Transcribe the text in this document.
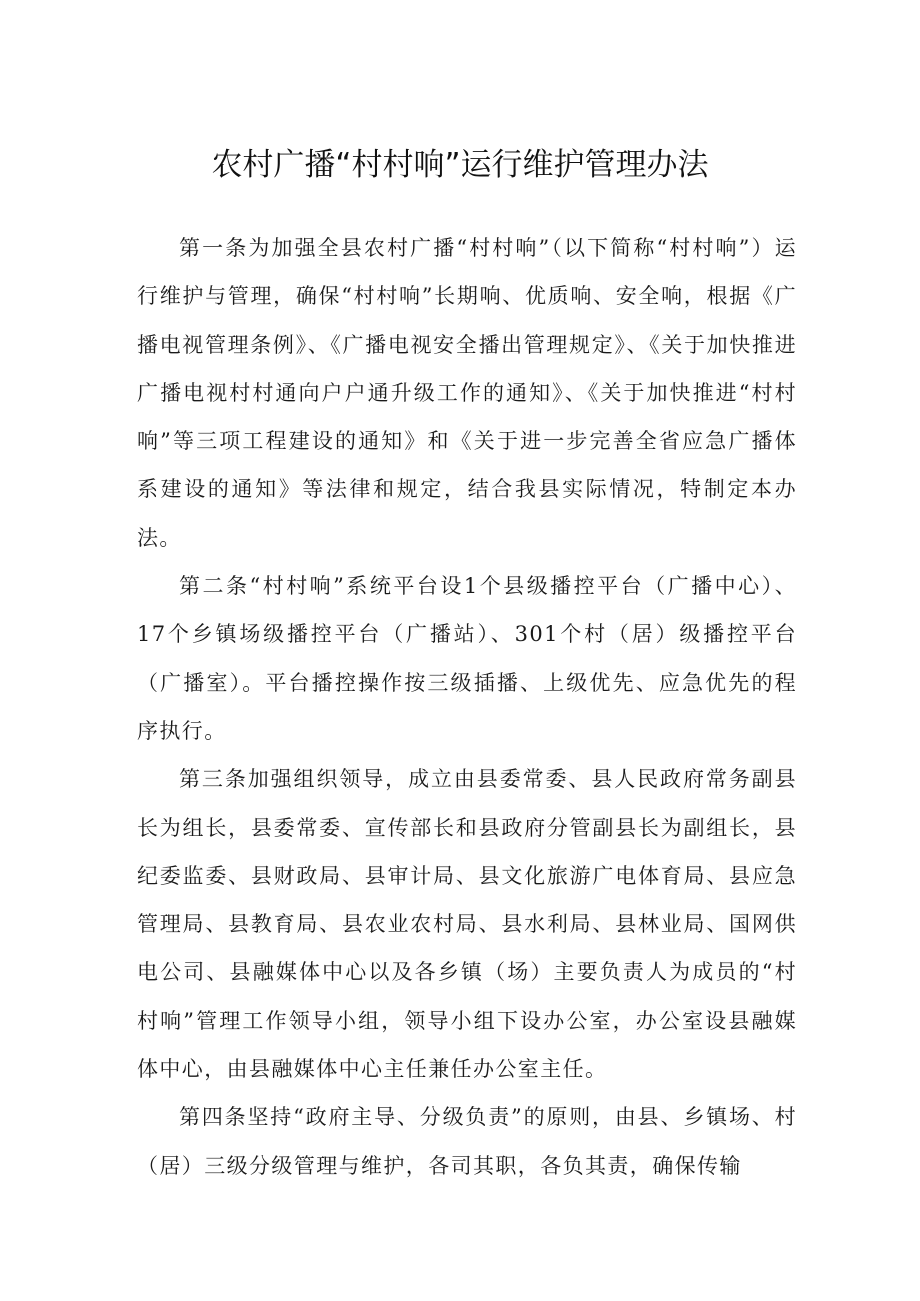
农村广播“村村响”运行维护管理办法

第一条为加强全县农村广播“村村响”（以下简称“村村响”）运行维护与管理，确保“村村响”长期响、优质响、安全响，根据《广播电视管理条例》、《广播电视安全播出管理规定》、《关于加快推进广播电视村村通向户户通升级工作的通知》、《关于加快推进“村村响”等三项工程建设的通知》和《关于进一步完善全省应急广播体系建设的通知》等法律和规定，结合我县实际情况，特制定本办法。

第二条“村村响”系统平台设1个县级播控平台（广播中心）、17个乡镇场级播控平台（广播站）、301个村（居）级播控平台（广播室）。平台播控操作按三级插播、上级优先、应急优先的程序执行。

第三条加强组织领导，成立由县委常委、县人民政府常务副县长为组长，县委常委、宣传部长和县政府分管副县长为副组长，县纪委监委、县财政局、县审计局、县文化旅游广电体育局、县应急管理局、县教育局、县农业农村局、县水利局、县林业局、国网供电公司、县融媒体中心以及各乡镇（场）主要负责人为成员的“村村响”管理工作领导小组，领导小组下设办公室，办公室设县融媒体中心，由县融媒体中心主任兼任办公室主任。

第四条坚持“政府主导、分级负责”的原则，由县、乡镇场、村（居）三级分级管理与维护，各司其职，各负其责，确保传输
